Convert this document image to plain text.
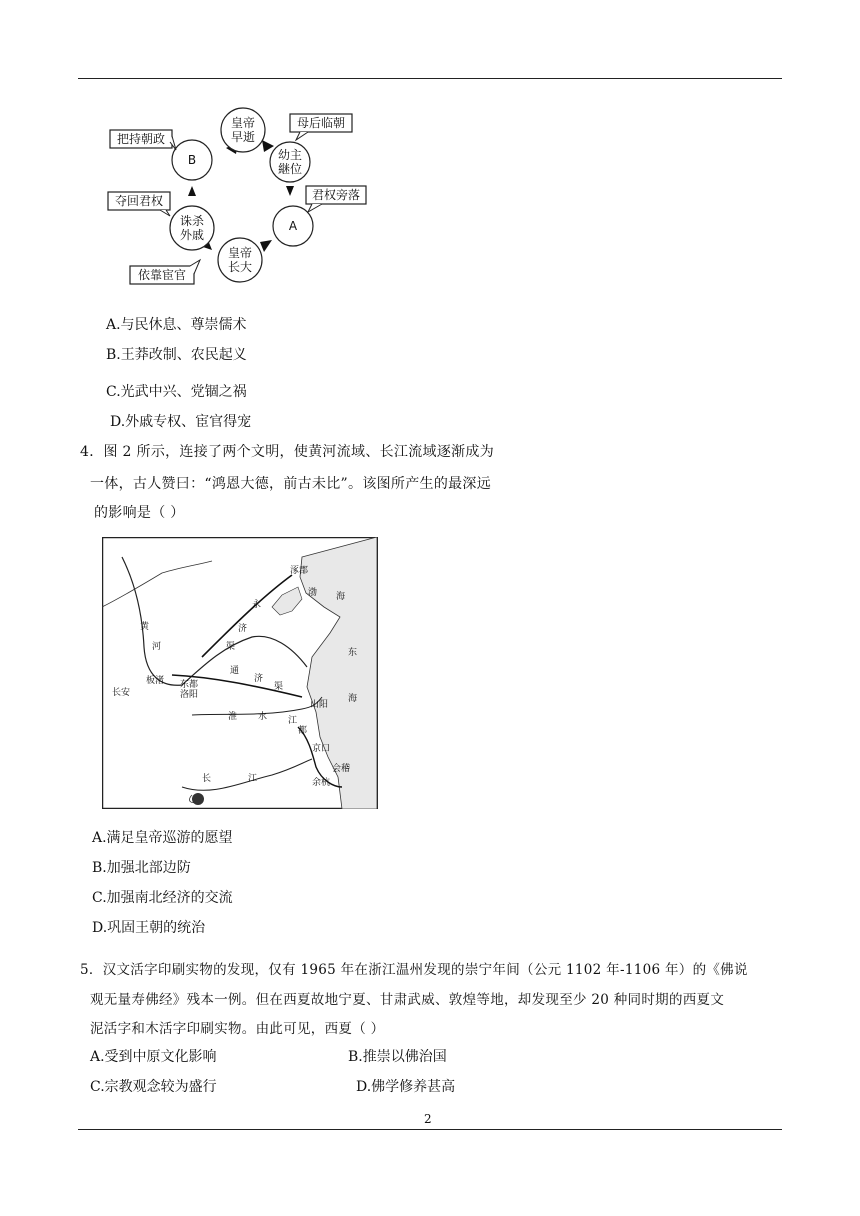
皇帝
早逝
幼主
継位
A
皇帝
长大
诛杀
外戚
B
母后临朝
君权旁落
依靠宦官
夺回君权
把持朝政
A.与民休息、尊崇儒术
B.王莽改制、农民起义
C.光武中兴、党锢之祸
D.外戚专权、宦官得宠
4．图 2 所示，连接了两个文明，使黄河流域、长江流域逐渐成为
一体，古人赞曰：“鸿恩大德，前古未比”。该图所产生的最深远
的影响是（ ）
长安
东都
洛阳
涿郡
黄
河
永
济
渠
通
济
渠
渤 海
东
海
淮 水 江
都
长	江
京口
余杭
会稽
山阳
板渚
A.满足皇帝巡游的愿望
B.加强北部边防
C.加强南北经济的交流
D.巩固王朝的统治
5．汉文活字印刷实物的发现，仅有 1965 年在浙江温州发现的崇宁年间（公元 1102 年-1106 年）的《佛说
观无量寿佛经》残本一例。但在西夏故地宁夏、甘肃武威、敦煌等地，却发现至少 20 种同时期的西夏文
泥活字和木活字印刷实物。由此可见，西夏（ ）
A.受到中原文化影响	B.推崇以佛治国
C.宗教观念较为盛行	D.佛学修养甚高
2
